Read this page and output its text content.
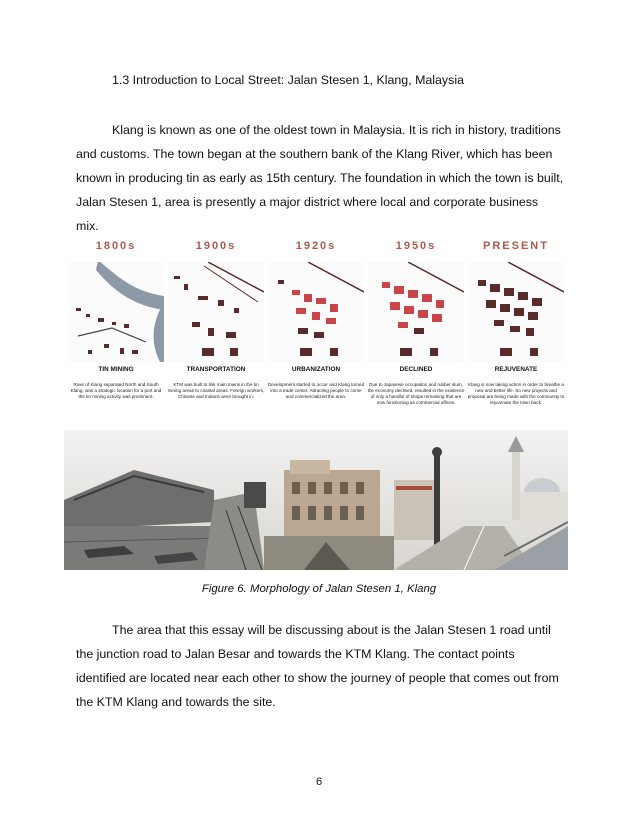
1.3 Introduction to Local Street: Jalan Stesen 1, Klang, Malaysia

Klang is known as one of the oldest town in Malaysia. It is rich in history, traditions and customs. The town began at the southern bank of the Klang River, which has been known in producing tin as early as 15th century. The foundation in which the town is built, Jalan Stesen 1, area is presently a major district where local and corporate business mix.

1800s	1900s	1920s	1950s	PRESENT
TIN MINING	TRANSPORTATION	URBANIZATION	DECLINED	REJUVENATE
River of Klang separated North and South Klang, was a strategic location for a port and the tin mining activity was prominent.
KTM was built to link main towns in the tin mining areas to coastal areas. Foreign workers, Chinese and Indians were brought in.
Development started to occur and Klang turned into a trade center. Attracting people to come and commercialized the area.
Due to Japanese occupation and rubber slum, the economy declined, resulted in the existence of only a handful of shops remaining that are now functioning as commercial offices.
Klang is now taking action in order to breathe a new and better life. So new projects and proposal are being made with the community to rejuvenate the town back.
Figure 6. Morphology of Jalan Stesen 1, Klang

The area that this essay will be discussing about is the Jalan Stesen 1 road until the junction road to Jalan Besar and towards the KTM Klang. The contact points identified are located near each other to show the journey of people that comes out from the KTM Klang and towards the site.

6
